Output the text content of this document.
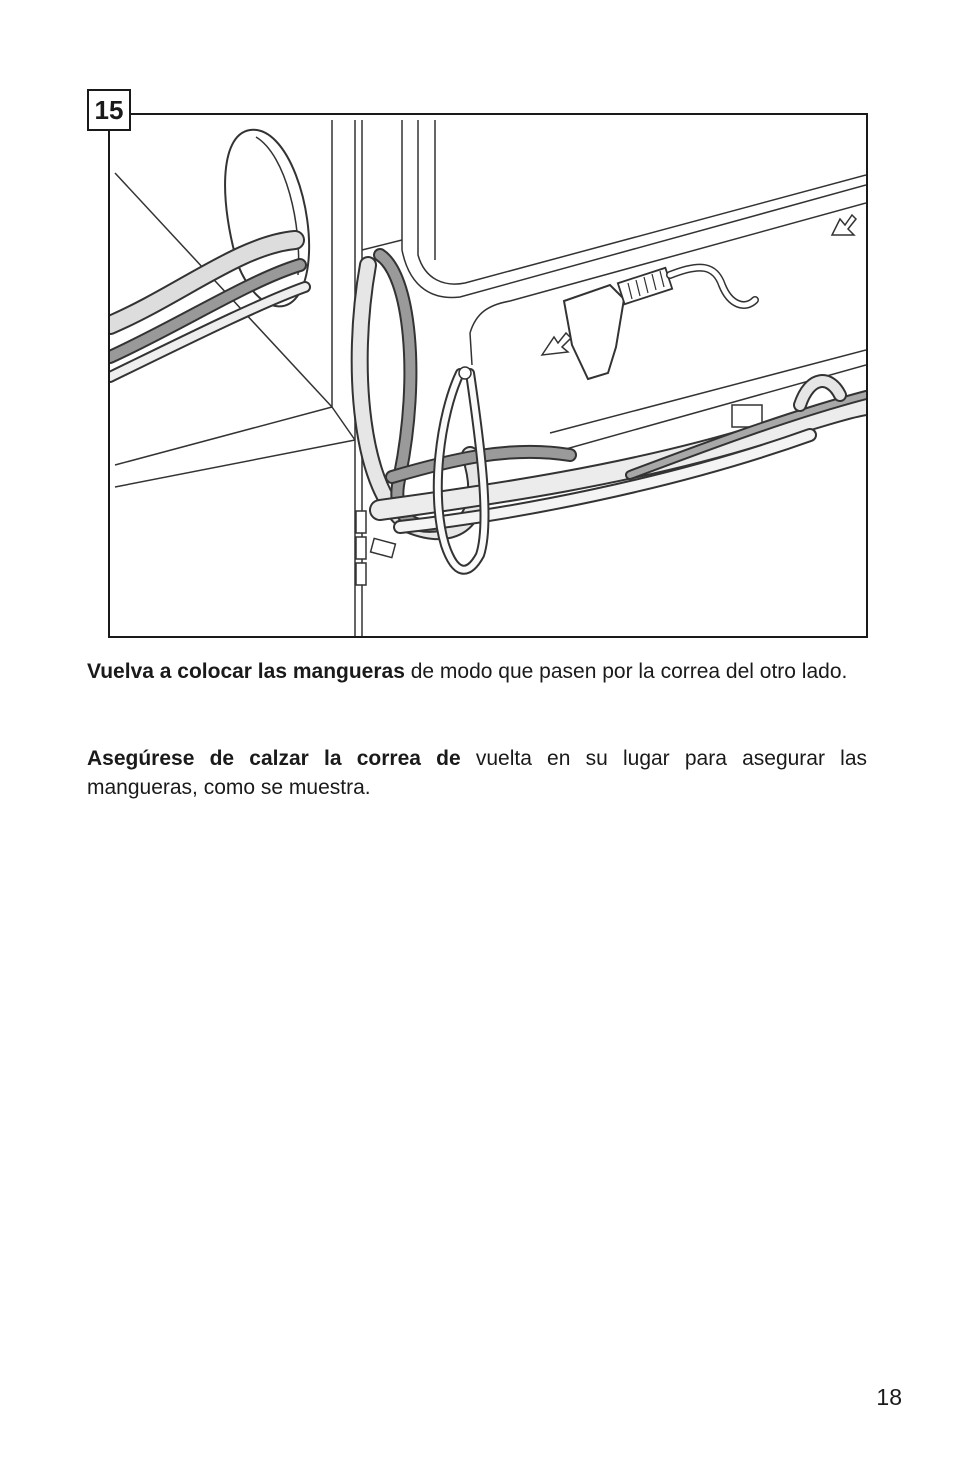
15

Vuelva a colocar las mangueras de modo que pasen por la correa del otro lado.

Asegúrese de calzar la correa de vuelta en su lugar para asegurar las mangueras, como se muestra.

18
